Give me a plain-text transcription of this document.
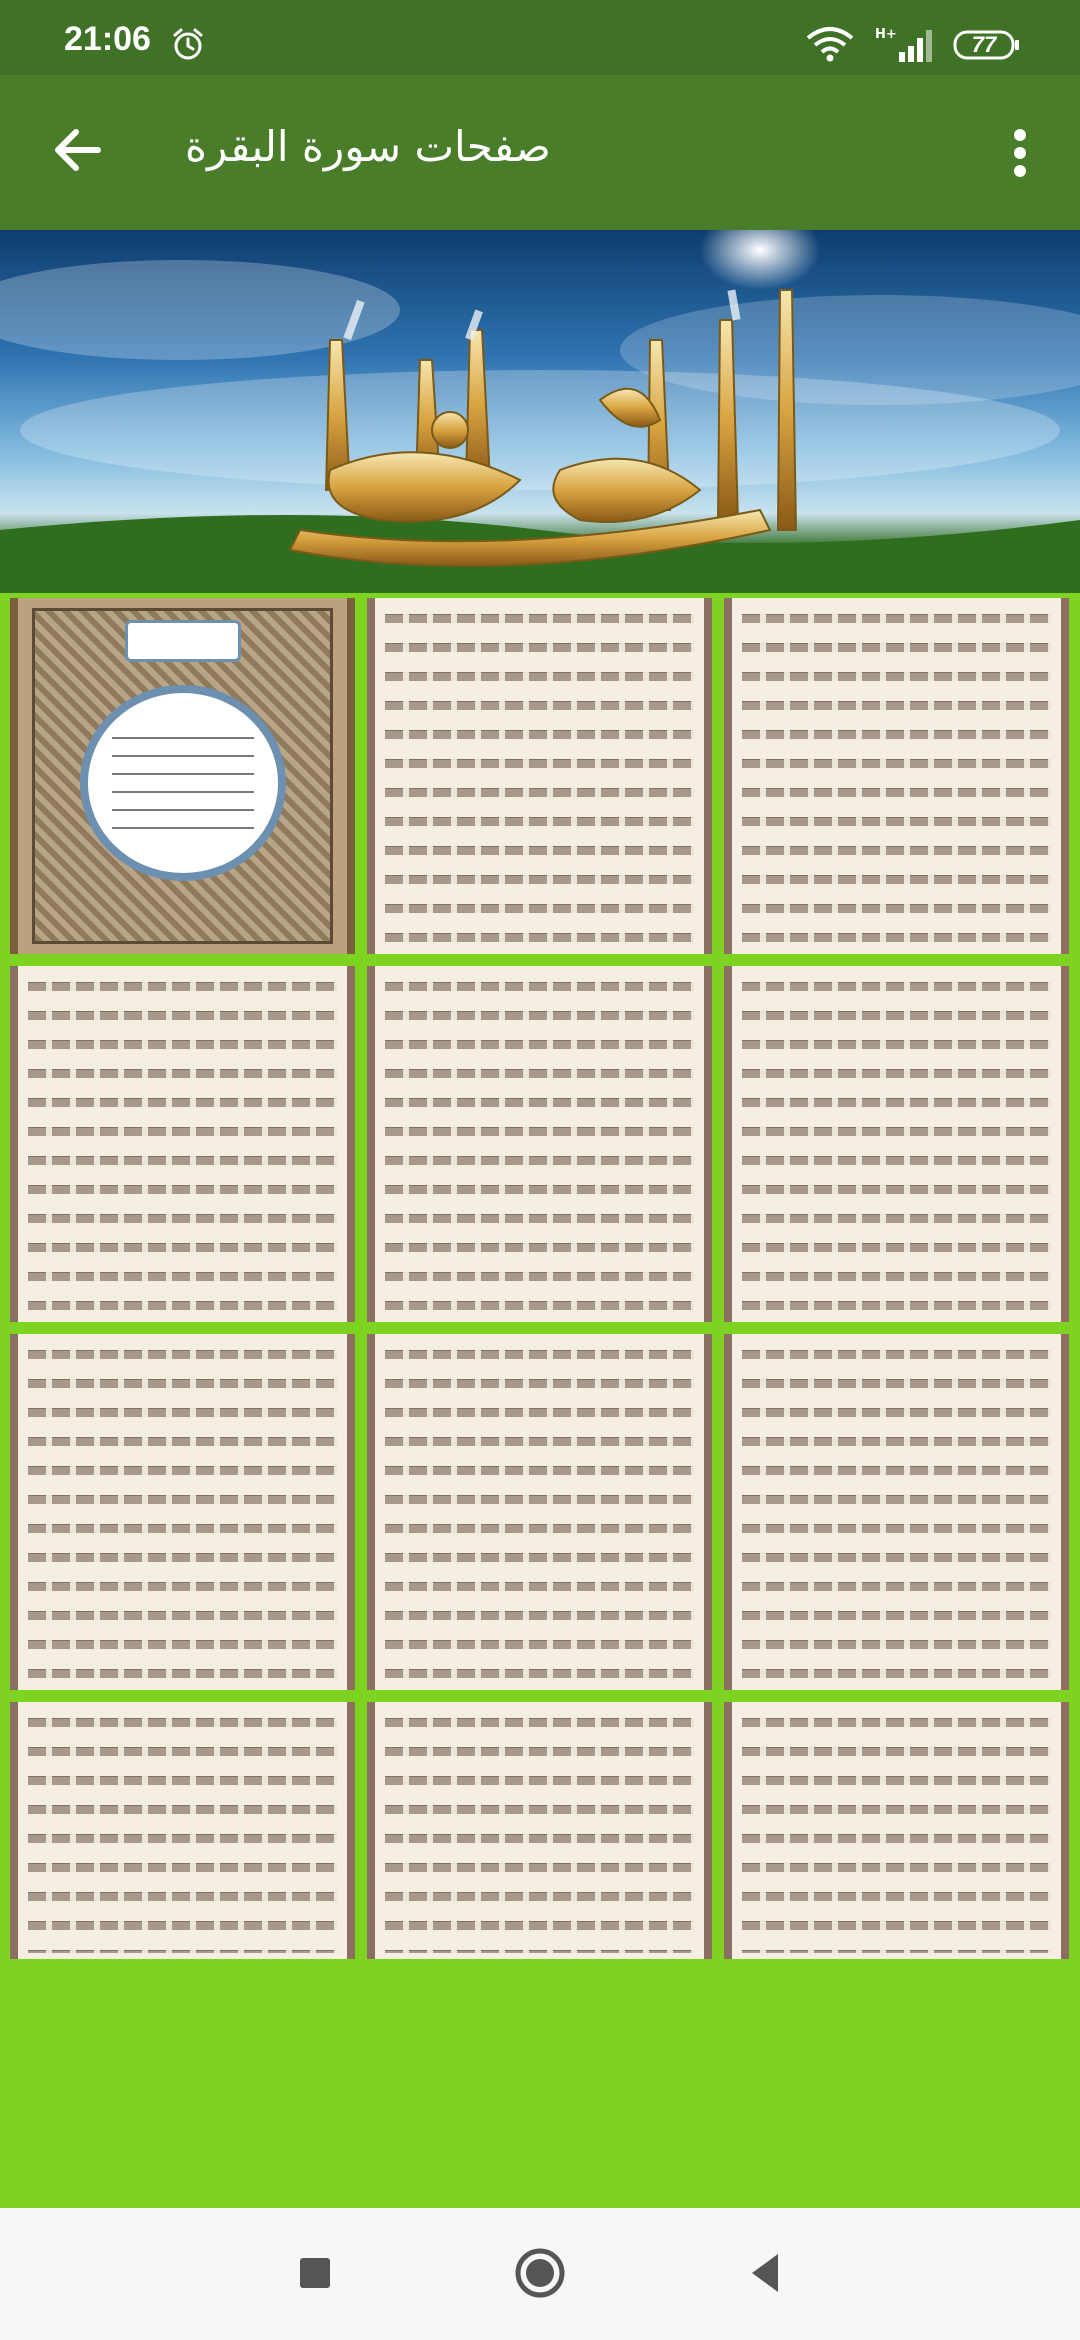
21:06	H+	77
صفحات سورة البقرة
